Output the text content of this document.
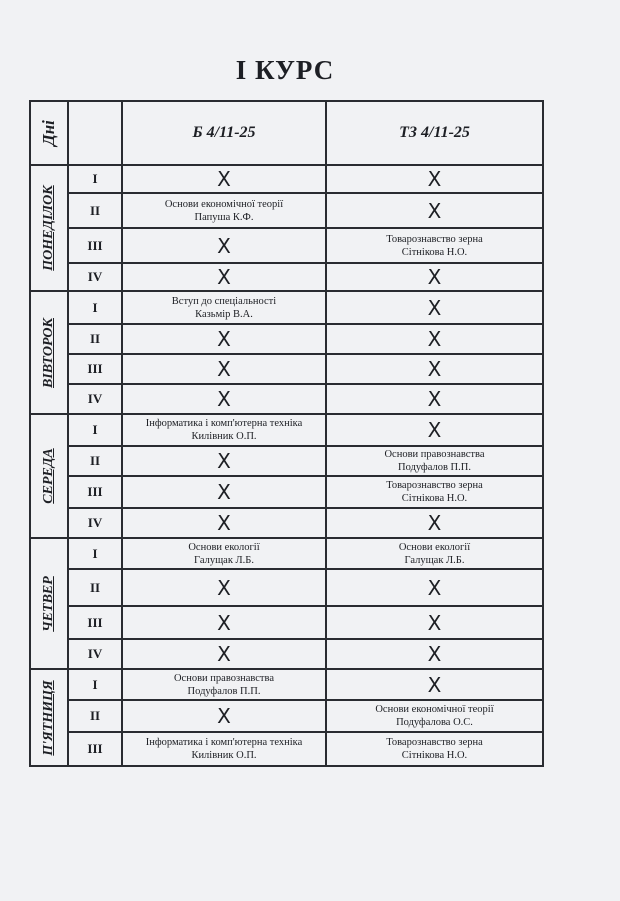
І КУРС
Дні		Б 4/11-25	ТЗ 4/11-25

ПОНЕДІЛОК	I	X	X
	II	Основи економічної теорії
Папуша К.Ф.	X
	III	X	Товарознавство зерна
Сітнікова Н.О.

	IV	X	X

ВІВТОРОК	I	Вступ до спеціальності
Казьмір В.А.	X
	II	X	X
	III	X	X
	IV	X	X

СЕРЕДА	I	Інформатика і комп'ютерна техніка
Килівник О.П.	X
	II	X	Основи правознавства
Подуфалов П.П.

	III	X	Товарознавство зерна
Сітнікова Н.О.

	IV	X	X

ЧЕТВЕР	I	Основи екології
Галущак Л.Б.	Основи екології
Галущак Л.Б.

	II	X	X
	III	X	X
	IV	X	X

П'ЯТНИЦЯ	I	Основи правознавства
Подуфалов П.П.	X
	II	X	Основи економічної теорії
Подуфалова О.С.

	III	Інформатика і комп'ютерна техніка
Килівник О.П.	Товарознавство зерна
Сітнікова Н.О.
